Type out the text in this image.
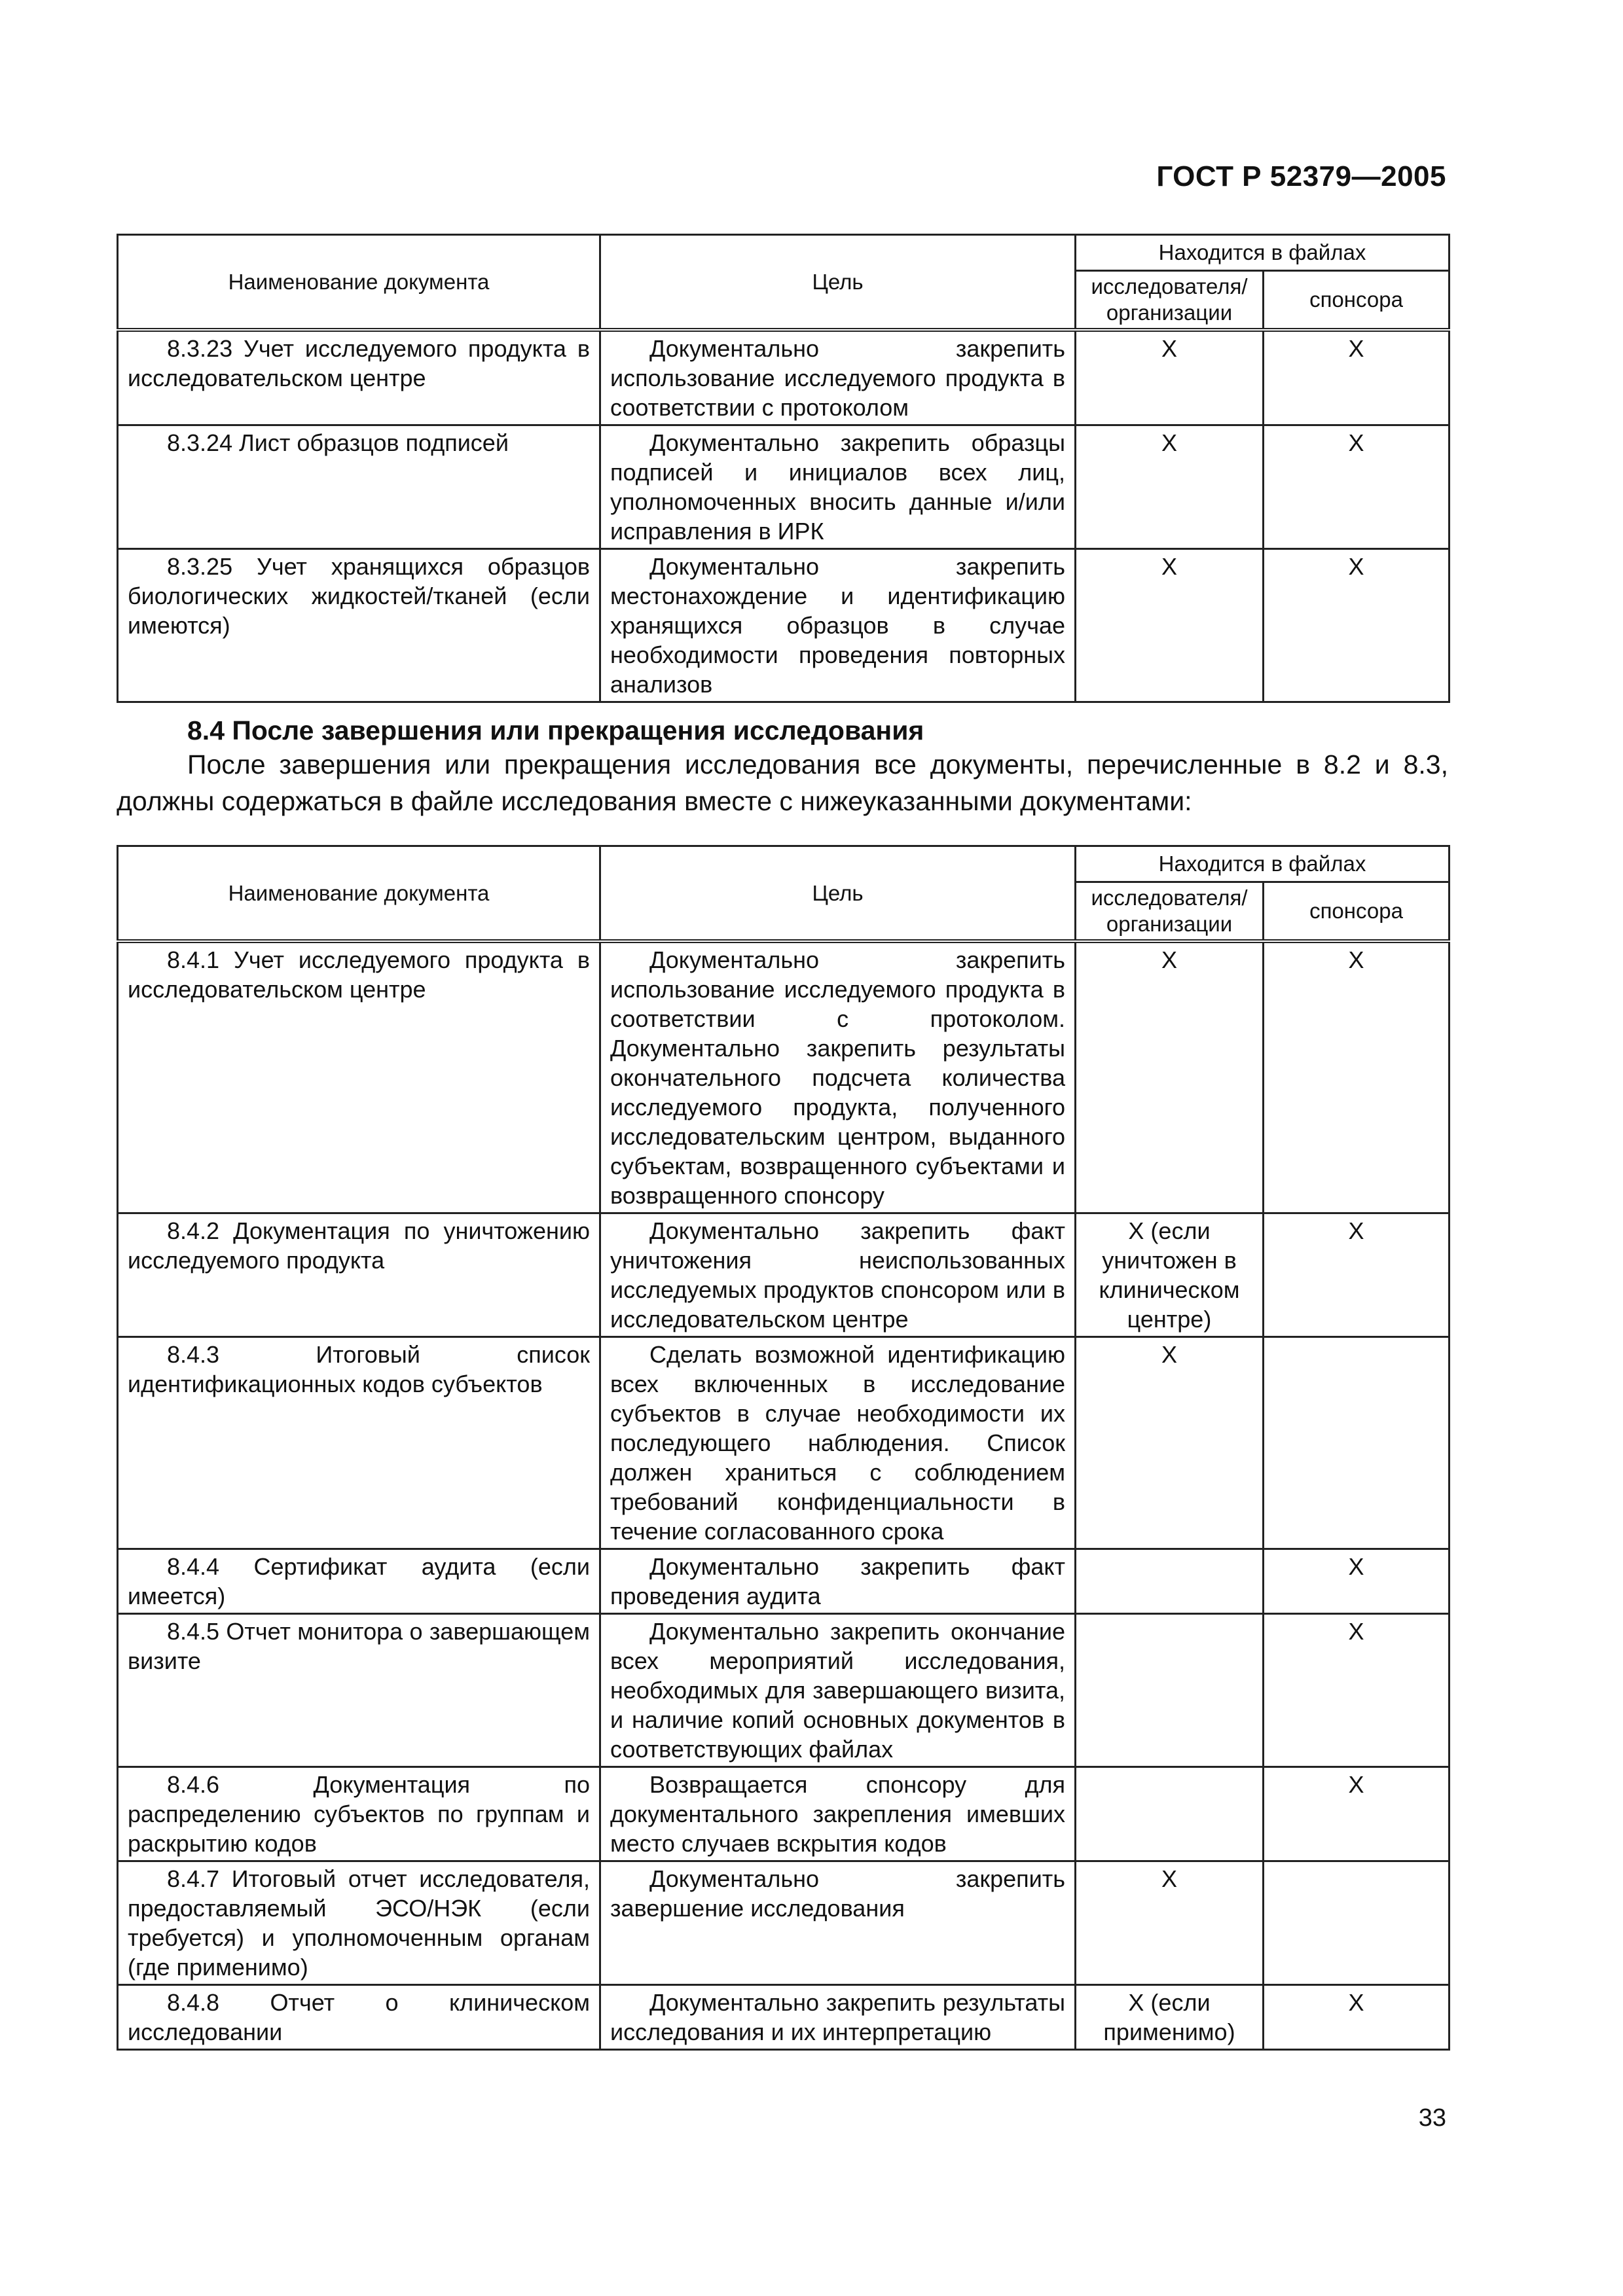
ГОСТ Р 52379—2005
Наименование документа	Цель	Находится в файлах	
		исследователя/ организации	спонсора
8.3.23 Учет исследуемого продукта в исследовательском центре	Документально закрепить использование исследуемого продукта в соответствии с протоколом	X	X
8.3.24 Лист образцов подписей	Документально закрепить образцы подписей и инициалов всех лиц, уполномоченных вносить данные и/или исправления в ИРК	X	X
8.3.25 Учет хранящихся образцов биологических жидкостей/тканей (если имеются)	Документально закрепить местонахождение и идентификацию хранящихся образцов в случае необходимости проведения повторных анализов	X	X
8.4 После завершения или прекращения исследования
После завершения или прекращения исследования все документы, перечисленные в 8.2 и 8.3, должны содержаться в файле исследования вместе с нижеуказанными документами:
Наименование документа	Цель	Находится в файлах	
		исследователя/ организации	спонсора
8.4.1 Учет исследуемого продукта в исследовательском центре	Документально закрепить использование исследуемого продукта в соответствии с протоколом. Документально закрепить результаты окончательного подсчета количества исследуемого продукта, полученного исследовательским центром, выданного субъектам, возвращенного субъектами и возвращенного спонсору	X	X
8.4.2 Документация по уничтожению исследуемого продукта	Документально закрепить факт уничтожения неиспользованных исследуемых продуктов спонсором или в исследовательском центре	X (если уничтожен в клиническом центре)	X
8.4.3 Итоговый список идентификационных кодов субъектов	Сделать возможной идентификацию всех включенных в исследование субъектов в случае необходимости их последующего наблюдения. Список должен храниться с соблюдением требований конфиденциальности в течение согласованного срока	X	
8.4.4 Сертификат аудита (если имеется)	Документально закрепить факт проведения аудита		X
8.4.5 Отчет монитора о завершающем визите	Документально закрепить окончание всех мероприятий исследования, необходимых для завершающего визита, и наличие копий основных документов в соответствующих файлах		X
8.4.6 Документация по распределению субъектов по группам и раскрытию кодов	Возвращается спонсору для документального закрепления имевших место случаев вскрытия кодов		X
8.4.7 Итоговый отчет исследователя, предоставляемый ЭСО/НЭК (если требуется) и уполномоченным органам (где применимо)	Документально закрепить завершение исследования	X	
8.4.8 Отчет о клиническом исследовании	Документально закрепить результаты исследования и их интерпретацию	X (если применимо)	X
33
